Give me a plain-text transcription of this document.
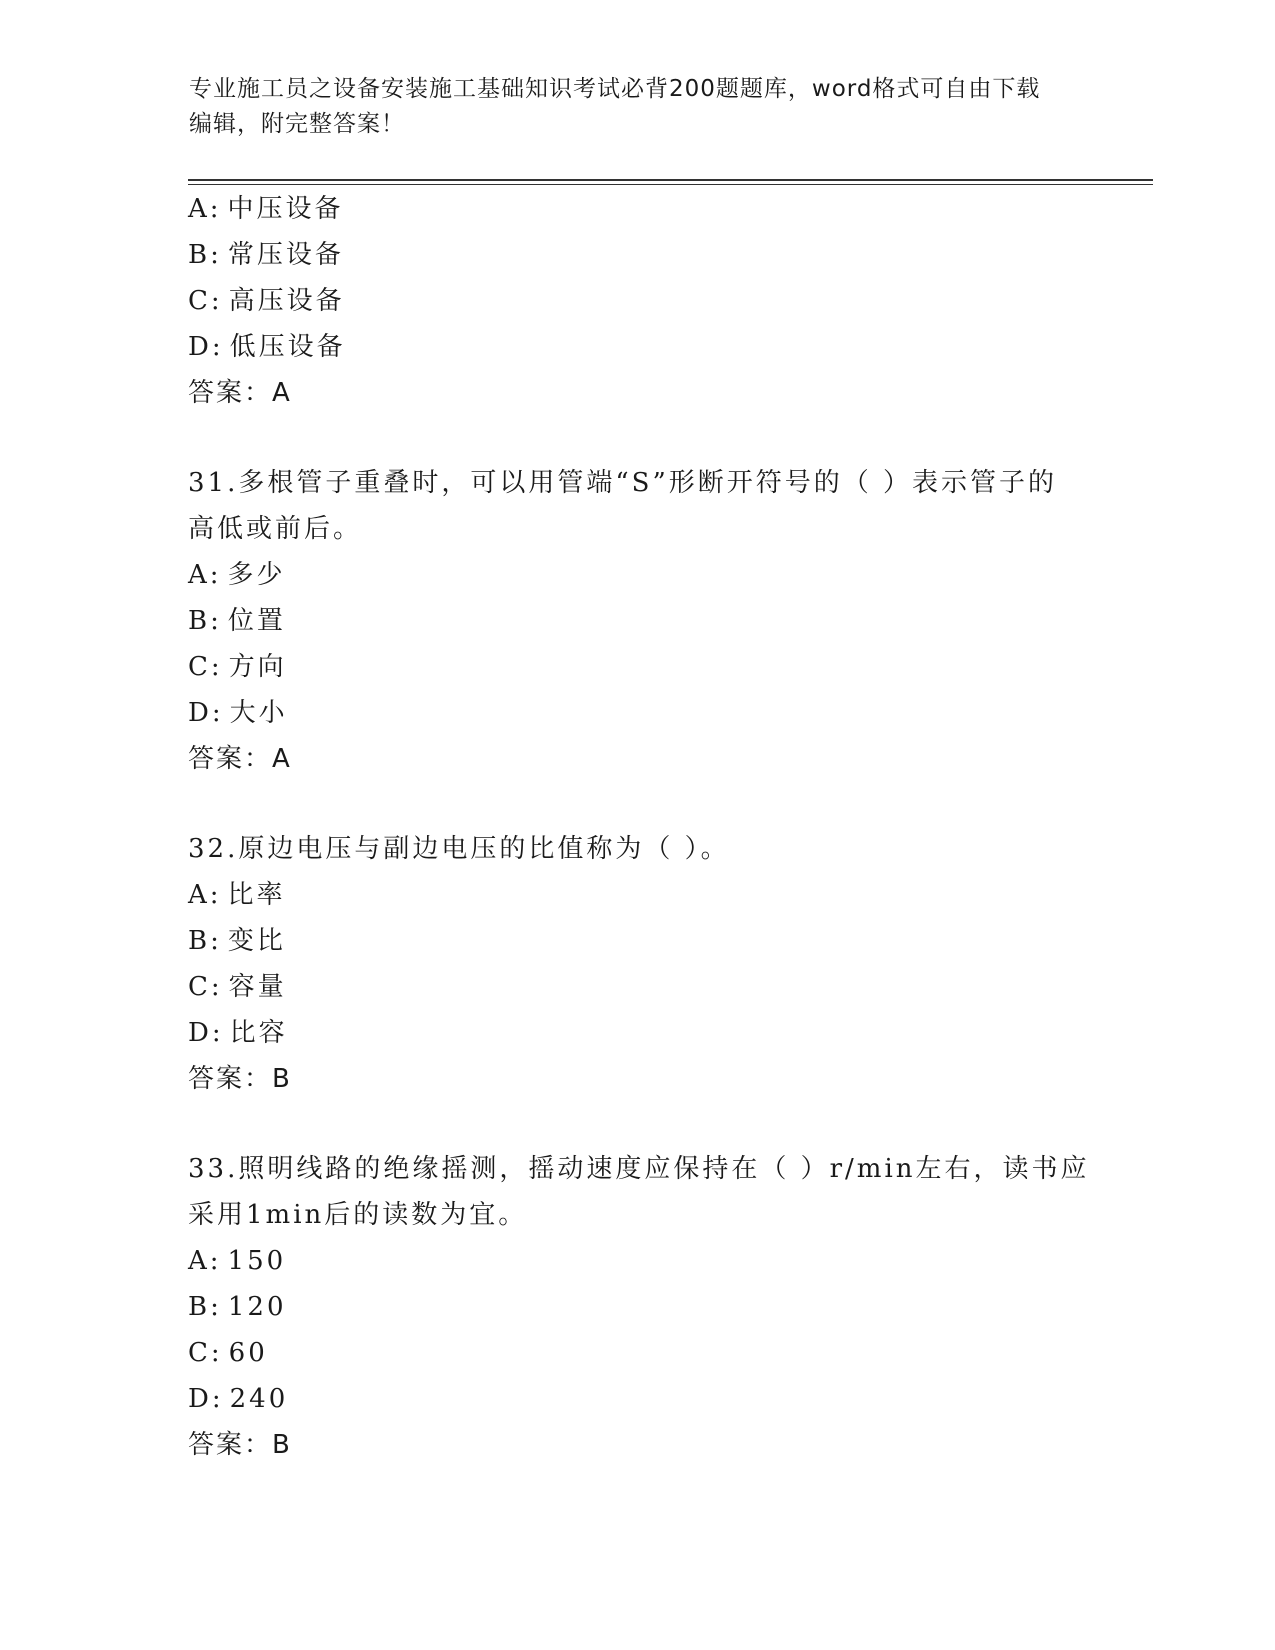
专业施工员之设备安装施工基础知识考试必背200题题库，word格式可自由下载
编辑，附完整答案！
A: 中压设备
B: 常压设备
C: 高压设备
D: 低压设备
答案：A
31.多根管子重叠时，可以用管端“S”形断开符号的（ ）表示管子的
高低或前后。
A: 多少
B: 位置
C: 方向
D: 大小
答案：A
32.原边电压与副边电压的比值称为（ ）。
A: 比率
B: 变比
C: 容量
D: 比容
答案：B
33.照明线路的绝缘摇测，摇动速度应保持在（ ）r/min左右，读书应
采用1min后的读数为宜。
A: 150
B: 120
C: 60
D: 240
答案：B
